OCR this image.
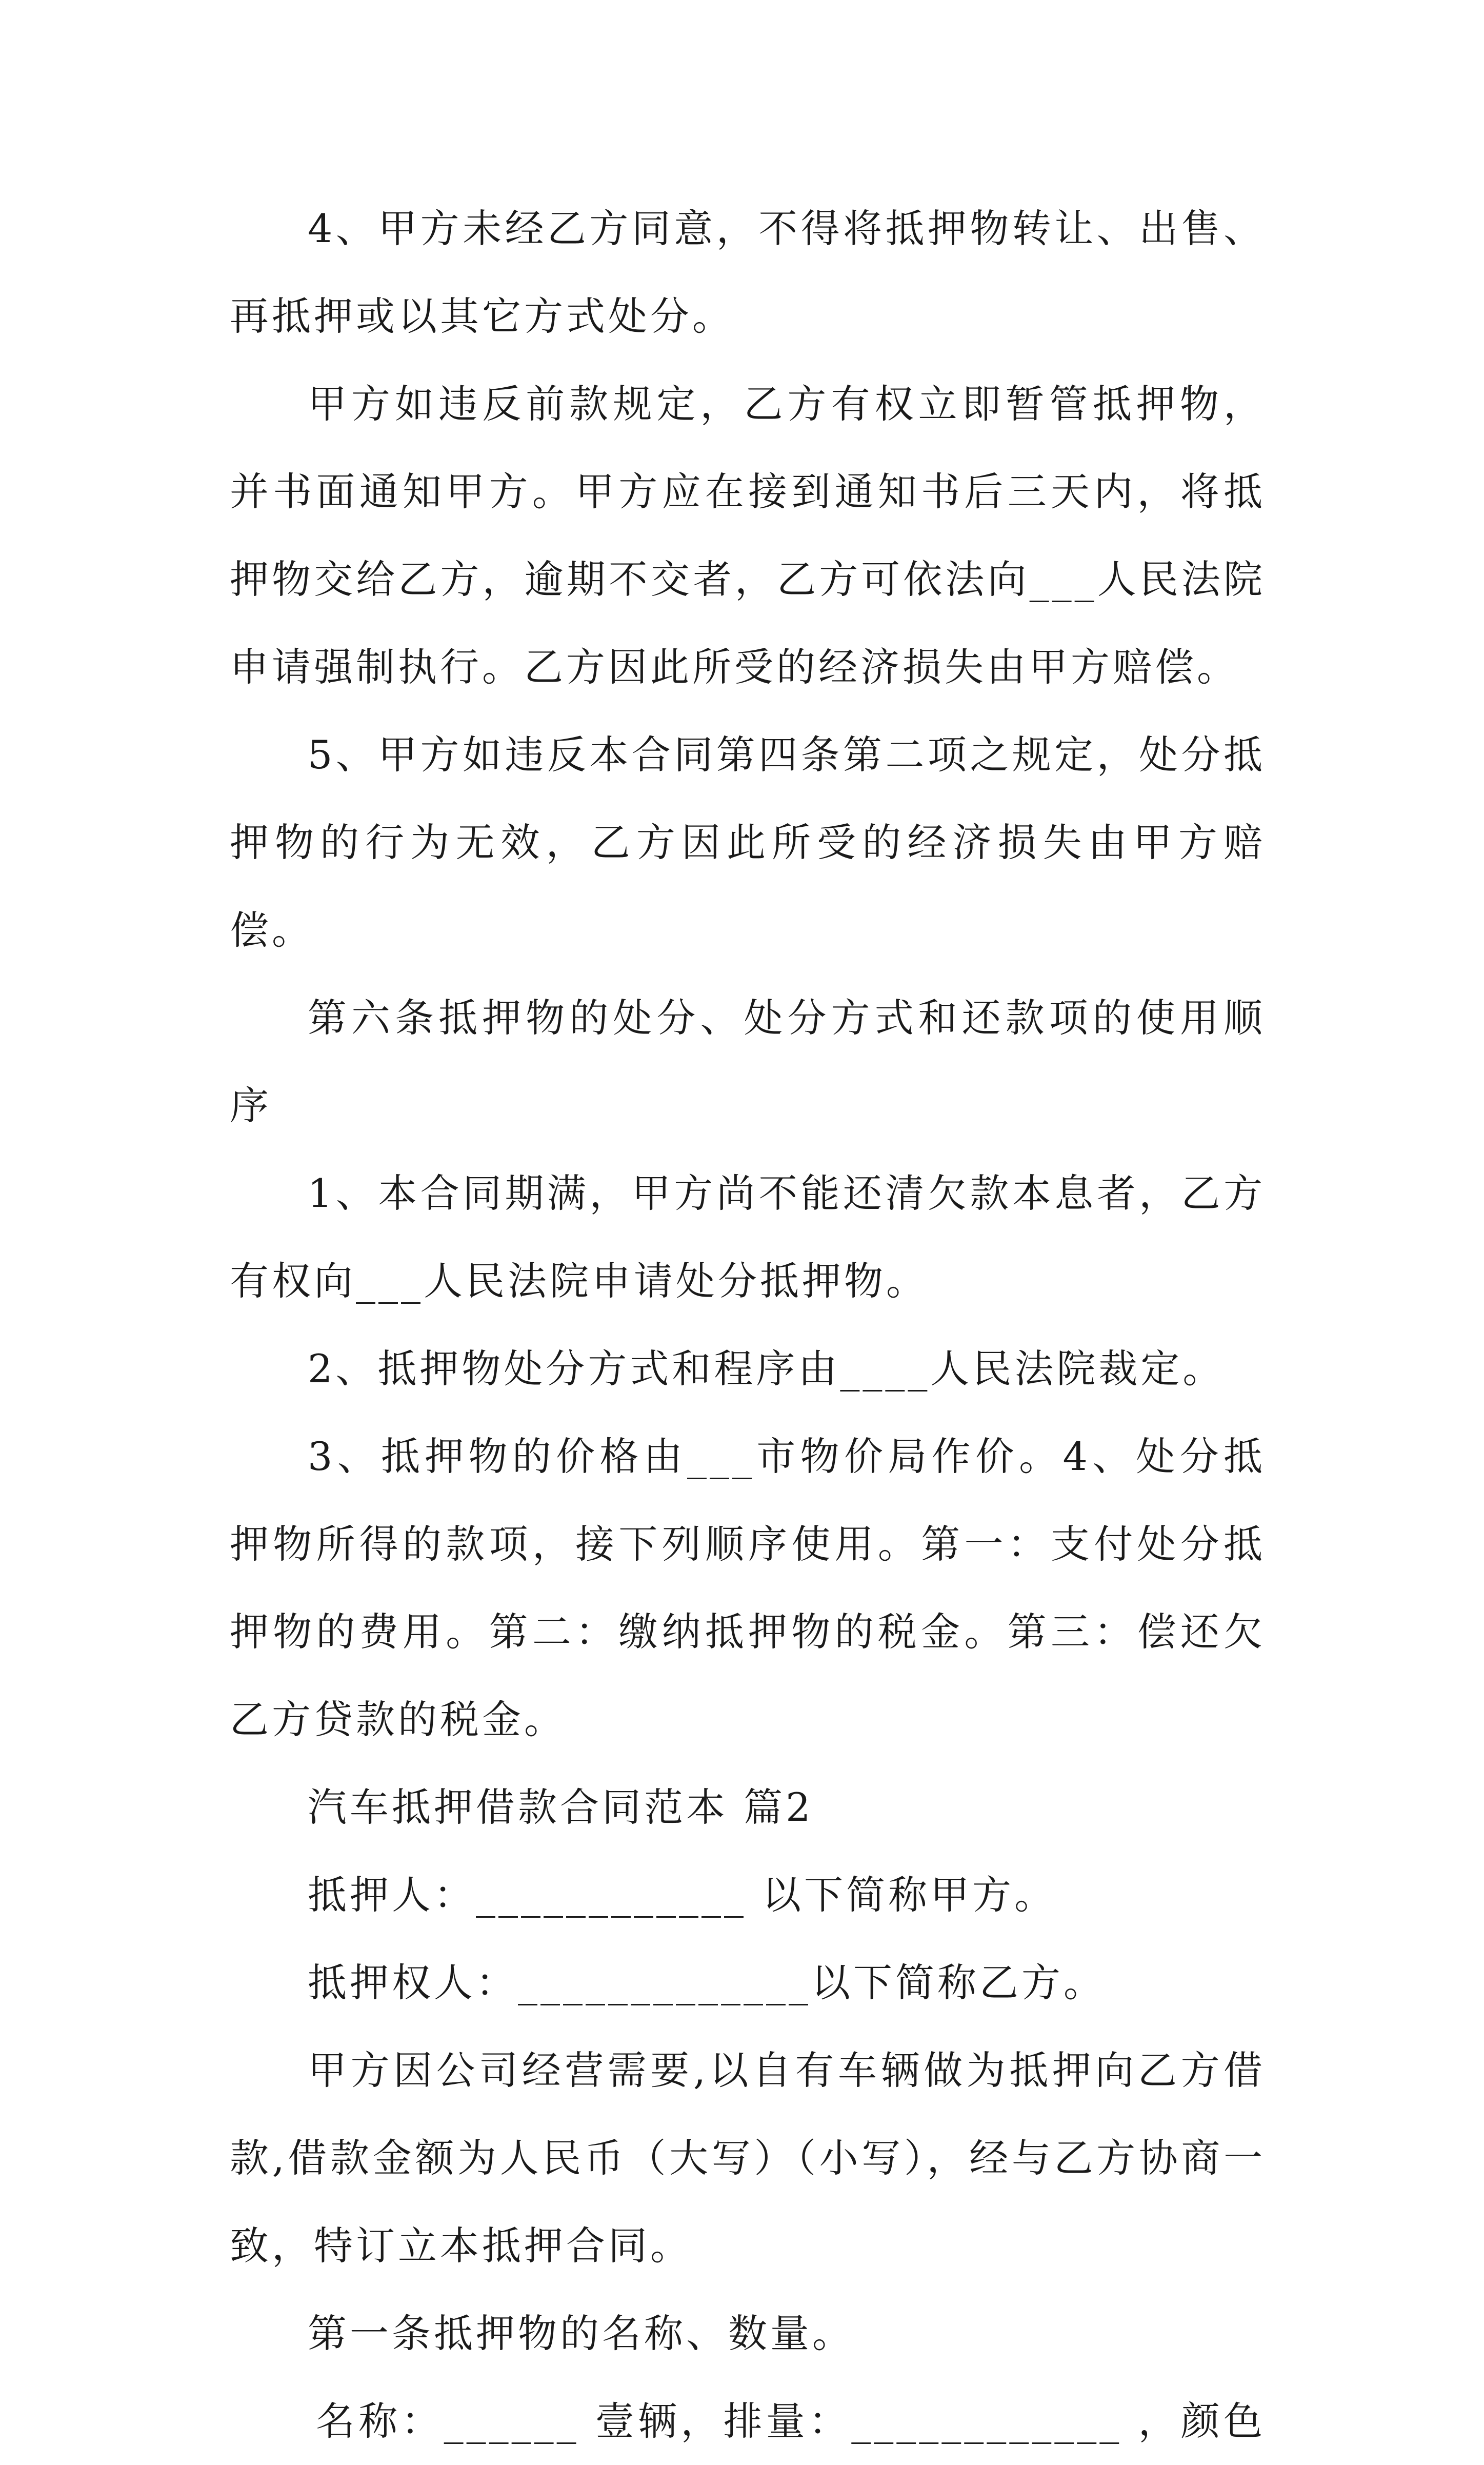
4、甲方未经乙方同意，不得将抵押物转让、出售、再抵押或以其它方式处分。

甲方如违反前款规定，乙方有权立即暂管抵押物，并书面通知甲方。甲方应在接到通知书后三天内，将抵押物交给乙方，逾期不交者，乙方可依法向___人民法院申请强制执行。乙方因此所受的经济损失由甲方赔偿。

5、甲方如违反本合同第四条第二项之规定，处分抵押物的行为无效，乙方因此所受的经济损失由甲方赔偿。

第六条抵押物的处分、处分方式和还款项的使用顺序

1、本合同期满，甲方尚不能还清欠款本息者，乙方有权向___人民法院申请处分抵押物。

2、抵押物处分方式和程序由____人民法院裁定。

3、抵押物的价格由___市物价局作价。4、处分抵押物所得的款项，接下列顺序使用。第一：支付处分抵押物的费用。第二：缴纳抵押物的税金。第三：偿还欠乙方贷款的税金。

汽车抵押借款合同范本 篇2

抵押人：____________ 以下简称甲方。

抵押权人：_____________以下简称乙方。

甲方因公司经营需要,以自有车辆做为抵押向乙方借款,借款金额为人民币（大写）（小写），经与乙方协商一致，特订立本抵押合同。

第一条抵押物的名称、数量。

名称：______ 壹辆，排量：____________ ，颜色
